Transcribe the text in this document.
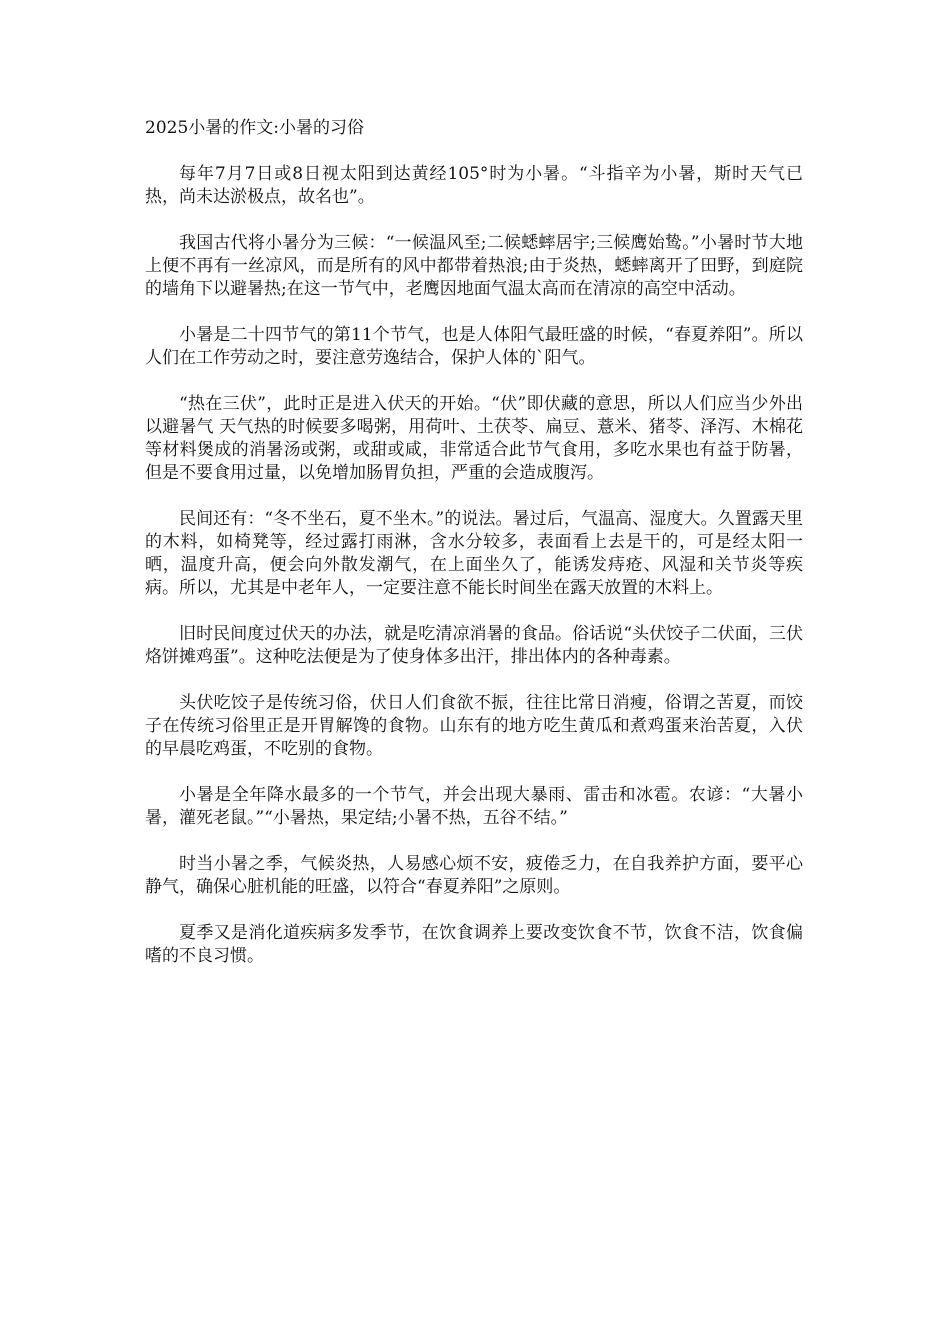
2025小暑的作文:小暑的习俗

每年7月7日或8日视太阳到达黄经105°时为小暑。“斗指辛为小暑，斯时天气已热，尚未达淤极点，故名也”。

我国古代将小暑分为三候：“一候温风至;二候蟋蟀居宇;三候鹰始鸷。”小暑时节大地上便不再有一丝凉风，而是所有的风中都带着热浪;由于炎热，蟋蟀离开了田野，到庭院的墙角下以避暑热;在这一节气中，老鹰因地面气温太高而在清凉的高空中活动。

小暑是二十四节气的第11个节气，也是人体阳气最旺盛的时候，“春夏养阳”。所以人们在工作劳动之时，要注意劳逸结合，保护人体的`阳气。

“热在三伏”，此时正是进入伏天的开始。“伏”即伏藏的意思，所以人们应当少外出以避暑气 天气热的时候要多喝粥，用荷叶、土茯苓、扁豆、薏米、猪苓、泽泻、木棉花等材料煲成的消暑汤或粥，或甜或咸，非常适合此节气食用，多吃水果也有益于防暑，但是不要食用过量，以免增加肠胃负担，严重的会造成腹泻。

民间还有：“冬不坐石，夏不坐木。”的说法。暑过后，气温高、湿度大。久置露天里的木料，如椅凳等，经过露打雨淋，含水分较多，表面看上去是干的，可是经太阳一晒，温度升高，便会向外散发潮气，在上面坐久了，能诱发痔疮、风湿和关节炎等疾病。所以，尤其是中老年人，一定要注意不能长时间坐在露天放置的木料上。

旧时民间度过伏天的办法，就是吃清凉消暑的食品。俗话说“头伏饺子二伏面，三伏烙饼摊鸡蛋”。这种吃法便是为了使身体多出汗，排出体内的各种毒素。

头伏吃饺子是传统习俗，伏日人们食欲不振，往往比常日消瘦，俗谓之苦夏，而饺子在传统习俗里正是开胃解馋的食物。山东有的地方吃生黄瓜和煮鸡蛋来治苦夏，入伏的早晨吃鸡蛋，不吃别的食物。

小暑是全年降水最多的一个节气，并会出现大暴雨、雷击和冰雹。农谚：“大暑小暑，灌死老鼠。”“小暑热，果定结;小暑不热，五谷不结。”

时当小暑之季，气候炎热，人易感心烦不安，疲倦乏力，在自我养护方面，要平心静气，确保心脏机能的旺盛，以符合“春夏养阳”之原则。

夏季又是消化道疾病多发季节，在饮食调养上要改变饮食不节，饮食不洁，饮食偏嗜的不良习惯。
